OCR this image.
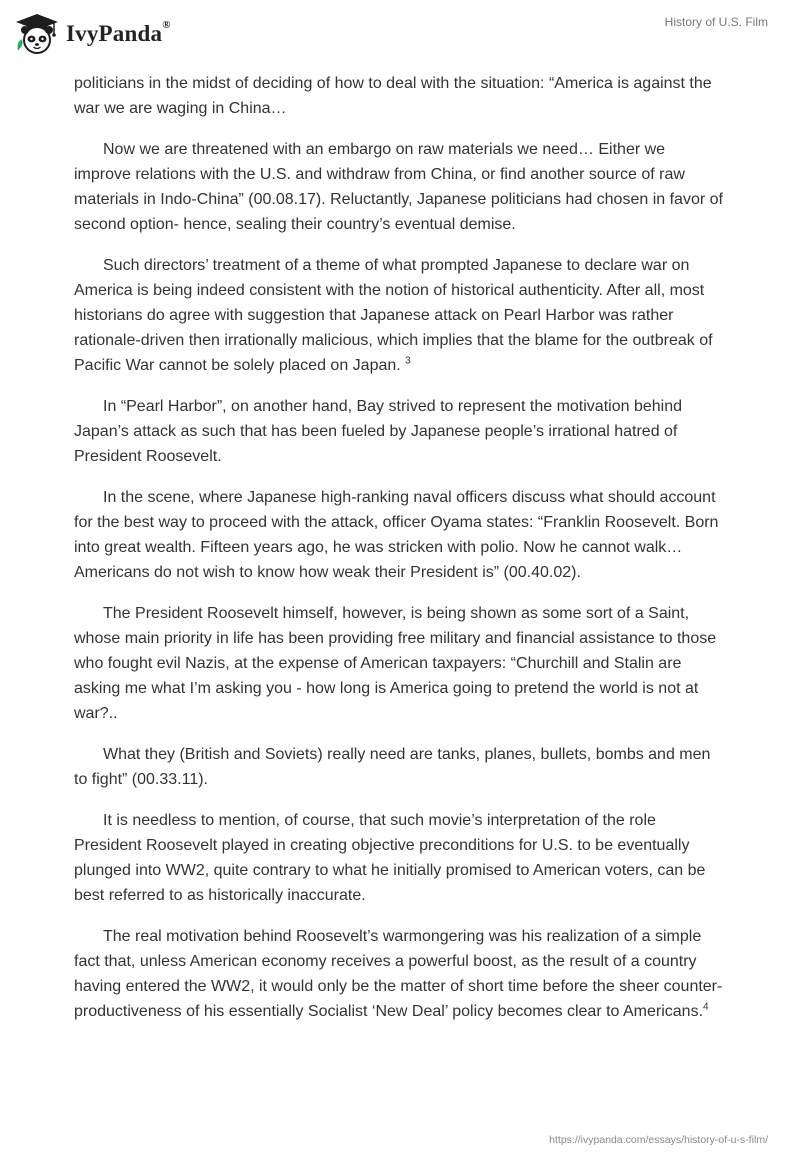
IvyPanda®	History of U.S. Film

politicians in the midst of deciding of how to deal with the situation: “America is against the war we are waging in China…

Now we are threatened with an embargo on raw materials we need… Either we improve relations with the U.S. and withdraw from China, or find another source of raw materials in Indo-China” (00.08.17). Reluctantly, Japanese politicians had chosen in favor of second option- hence, sealing their country’s eventual demise.

Such directors’ treatment of a theme of what prompted Japanese to declare war on America is being indeed consistent with the notion of historical authenticity. After all, most historians do agree with suggestion that Japanese attack on Pearl Harbor was rather rationale-driven then irrationally malicious, which implies that the blame for the outbreak of Pacific War cannot be solely placed on Japan. $^3$

In “Pearl Harbor”, on another hand, Bay strived to represent the motivation behind Japan’s attack as such that has been fueled by Japanese people’s irrational hatred of President Roosevelt.

In the scene, where Japanese high-ranking naval officers discuss what should account for the best way to proceed with the attack, officer Oyama states: “Franklin Roosevelt. Born into great wealth. Fifteen years ago, he was stricken with polio. Now he cannot walk… Americans do not wish to know how weak their President is” (00.40.02).

The President Roosevelt himself, however, is being shown as some sort of a Saint, whose main priority in life has been providing free military and financial assistance to those who fought evil Nazis, at the expense of American taxpayers: “Churchill and Stalin are asking me what I’m asking you - how long is America going to pretend the world is not at war?..

What they (British and Soviets) really need are tanks, planes, bullets, bombs and men to fight” (00.33.11).

It is needless to mention, of course, that such movie’s interpretation of the role President Roosevelt played in creating objective preconditions for U.S. to be eventually plunged into WW2, quite contrary to what he initially promised to American voters, can be best referred to as historically inaccurate.

The real motivation behind Roosevelt’s warmongering was his realization of a simple fact that, unless American economy receives a powerful boost, as the result of a country having entered the WW2, it would only be the matter of short time before the sheer counter-productiveness of his essentially Socialist ‘New Deal’ policy becomes clear to Americans.$^4$

https://ivypanda.com/essays/history-of-u-s-film/
